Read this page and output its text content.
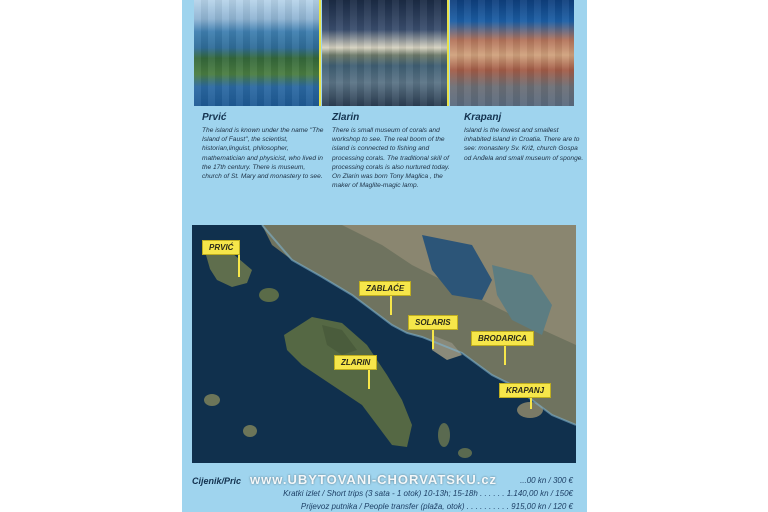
Prvić

The island is known under the name "The Island of Faust", the scientist, historian,linguist, philosopher, mathematician and physicist, who lived in the 17th century. There is museum, church of St. Mary and monastery to see.

Zlarin

There is small museum of corals and workshop to see. The real boom of the island is connected to fishing and processing corals. The traditional skill of processing corals is also nurtured today. On Zlarin was born Tony Maglica , the maker of Maglite-magic lamp.

Krapanj

Island is the lowest and smallest inhabited island in Croatia. There are to see: monastery Sv. Križ, church Gospa od Anđela and small museum of sponge.

PRVIĆ
ZABLAĆE
SOLARIS
BRODARICA
ZLARIN
KRAPANJ
Cijenik/Pric	...00 kn / 300 €
Kratki izlet / Short trips (3 sata - 1 otok) 10-13h; 15-18h . . . . . . 1.140,00 kn / 150€
Prijevoz putnika / People transfer (plaža, otok) . . . . . . . . . . 915,00 kn / 120 €
www.UBYTOVANI-CHORVATSKU.cz
